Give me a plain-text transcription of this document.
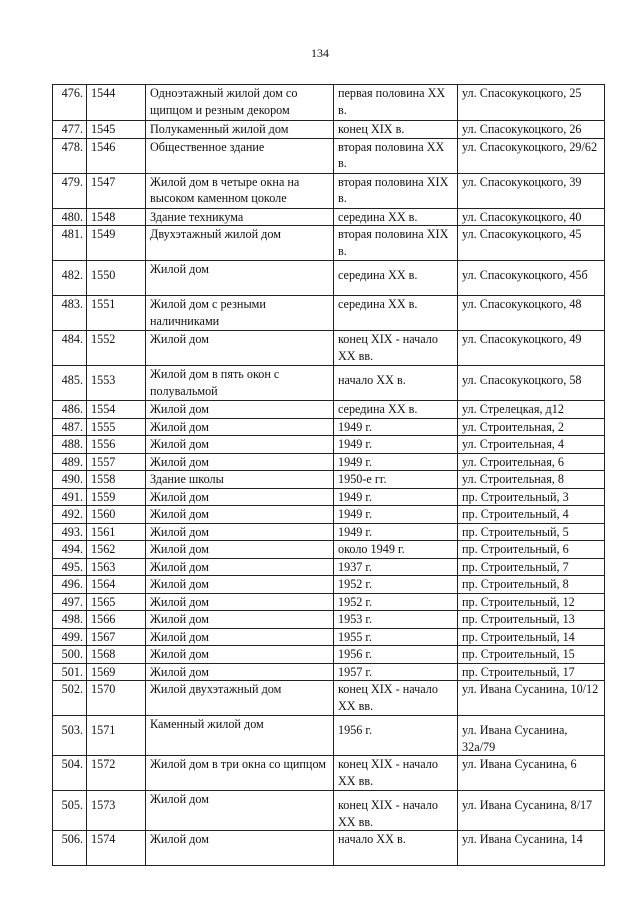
134
476.	1544	Одноэтажный жилой дом со щипцом и резным декором	первая половина XX в.	ул. Спасокукоцкого, 25
477.	1545	Полукаменный жилой дом	конец XIX в.	ул. Спасокукоцкого, 26
478.	1546	Общественное здание	вторая половина XX в.	ул. Спасокукоцкого, 29/62
479.	1547	Жилой дом в четыре окна на высоком каменном цоколе	вторая половина XIX в.	ул. Спасокукоцкого, 39
480.	1548	Здание техникума	середина XX в.	ул. Спасокукоцкого, 40
481.	1549	Двухэтажный жилой дом	вторая половина XIX в.	ул. Спасокукоцкого, 45
482.	1550	Жилой дом	середина XX в.	ул. Спасокукоцкого, 45б
483.	1551	Жилой дом с резными наличниками	середина XX в.	ул. Спасокукоцкого, 48
484.	1552	Жилой дом	конец XIX - начало XX вв.	ул. Спасокукоцкого, 49
485.	1553	Жилой дом в пять окон с полувальмой	начало XX в.	ул. Спасокукоцкого, 58
486.	1554	Жилой дом	середина XX в.	ул. Стрелецкая, д12
487.	1555	Жилой дом	1949 г.	ул. Строительная, 2
488.	1556	Жилой дом	1949 г.	ул. Строительная, 4
489.	1557	Жилой дом	1949 г.	ул. Строительная, 6
490.	1558	Здание школы	1950-е гг.	ул. Строительная, 8
491.	1559	Жилой дом	1949 г.	пр. Строительный, 3
492.	1560	Жилой дом	1949 г.	пр. Строительный, 4
493.	1561	Жилой дом	1949 г.	пр. Строительный, 5
494.	1562	Жилой дом	около 1949 г.	пр. Строительный, 6
495.	1563	Жилой дом	1937 г.	пр. Строительный, 7
496.	1564	Жилой дом	1952 г.	пр. Строительный, 8
497.	1565	Жилой дом	1952 г.	пр. Строительный, 12
498.	1566	Жилой дом	1953 г.	пр. Строительный, 13
499.	1567	Жилой дом	1955 г.	пр. Строительный, 14
500.	1568	Жилой дом	1956 г.	пр. Строительный, 15
501.	1569	Жилой дом	1957 г.	пр. Строительный, 17
502.	1570	Жилой двухэтажный дом	конец XIX - начало XX вв.	ул. Ивана Сусанина, 10/12
503.	1571	Каменный жилой дом	1956 г.	ул. Ивана Сусанина, 32а/79
504.	1572	Жилой дом в три окна со щипцом	конец XIX - начало XX вв.	ул. Ивана Сусанина, 6
505.	1573	Жилой дом	конец XIX - начало XX вв.	ул. Ивана Сусанина, 8/17
506.	1574	Жилой дом	начало XX в.	ул. Ивана Сусанина, 14
